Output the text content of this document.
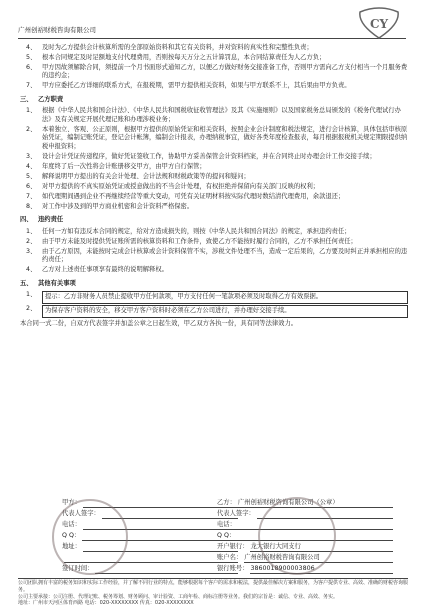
广州创裕财税咨询有限公司	CY
4、 及时为乙方提供会计核算所需的全部原始资料和其它有关资料，并对资料的真实性和完整性负责；
5、 根本合同规定及时足额地支付代理费用，否则按每天万分之五计算罚息，本合同结算责任为人乙方负；
6、 甲方因故须解除合同，须提前一个月书面形式通知乙方，以便乙方做好财务交接准备工作，否则甲方需向乙方支付相当一个月服务费的违约金；
7、 甲方应委托乙方详细的联系方式，在报税期，需甲方提供相关资料，如果与甲方联系不上，其后果由甲方负责。
三、 乙方职责
1、 根据《中华人民共和国会计法》、《中华人民共和国税收征收管理法》及其《实施细则》以及国家税务总局颁发的《税务代理试行办法》及有关规定开展代理记账和办理涉税业务；
2、 本着独立、客观、公正原则，根据甲方提供的原始凭证和相关资料，按照企业会计制度和税法规定，进行会计核算，具体包括审核原始凭证，编制记账凭证，登记会计帐簿，编制会计报表，办理纳税事宜，做好各类年度检查报表，每月根据报税机关规定期限提供纳税申报资料；
3、 设计会计凭证传递程序，做好凭证签收工作，协助甲方妥善保管会计资料档案，并在合同终止时办理会计工作交接手续；
4、 年度终了后一次性将会计账册移交甲方，由甲方自行保管；
5、 解释说明甲方提出的有关会计处理、会计法规和财税政策等的提问和疑问；
6、 对甲方提供的不真实原始凭证或授意做出的不当会计处理，有权拒绝并保留向有关部门反映的权利；
7、 如代理期间遇到企业不再继续经营等重大变动，可凭有关证明材料按实际代理时数结清代理费用，余款退还；
8、 对工作中涉及到的甲方商业机密和会计资料严格保密。
四、 违约责任
1、 任何一方如有违反本合同的规定，给对方造成损失的，则按《中华人民共和国合同法》的规定，承担违约责任；
2、 由于甲方未能及时提供凭证账所需的核算资料和工作条件，致使乙方不能按时履行合同的，乙方不承担任何责任；
3、 由于乙方原因，未能按时完成会计核算或会计资料保管不实，涉税文件处理不当，造成一定后果的，乙方要及时纠正并承担相应的违约责任；
4、 乙方对上述责任事项享有最终的说明解释权。
五、 其他有关事项
1、	提示：乙方非财务人员禁止提收甲方任何款项，甲方支付任何一笔款项必须及时取得乙方有效票据。
2、	为保存客户资料的安全，移交甲方客户资料时必须在乙方公司进行，并办理好交接手续。
本合同一式二份，自双方代表签字并加盖公章之日起生效，甲乙双方各执一份，具有同等法律效力。
甲方：
代表人签字：
电话：
Q Q：
地址：
签订时间：
乙方： 广州创裕财税咨询有限公司（公章）
代表人签字：
电话：
Q Q：
开户银行： 龙大银行大同支行
账户名： 广州创裕财税咨询有限公司
银行账号： 3860018900003806
公司团队拥有丰富的税务知识和实际工作经验，并了解不同行业的特点，能够根据每个客户的需求和税法，提供最佳解决方案和服务，为客户提供专业、高效、准确的财税咨询服务。
公司主要承接：公司注册、代理记账、税务筹划、财务顾问、审计验资、工商年检、商标注册等业务。我们的宗旨是：诚信、专业、高效、务实。
地址：广州市天河区体育西路 电话：020-XXXXXXXX 传真：020-XXXXXXXX
